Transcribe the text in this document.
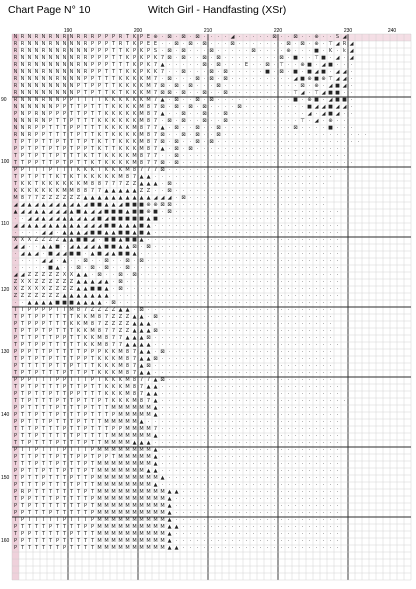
Chart Page N° 10	Witch Girl - Handfasting (XSr)
190	200	210	220	230	240
90
100
110
120
130
140
150
160
N R N R N R N R N R R R P P P R T K P E ⊕ · ⊠ · ⊠ · ⊠ ·	·	·	· ◢ ·	·	·	·	· ⊠ ·	· ⊠ ·	· ⊕ ·	· S ◢
R R N N N R N N N N R P P P T R T K P E E ·	· ⊠ · ⊠ · ⊠ ·	·	· ⊠ ·	·	·	·	·	·	· ⊠ · ⊠ · ⊕ · ⊤ ◢ R ◢
R R N N R N N R N N N P P P T T K P K P S · ⊠ · ⊠ ·	·	· ⊠ ·	·	·	·	· ⊠ ·	·	·	· ⊕ ·	·	· ■ · K · k ◢
R N N N N N N N N R R P P P T T K P K P K 7 ⊠ · ⊠ ·	· ⊠ · ⊠ ·	·	·	·	·	·	·	· ⊠ · ■ ·	· ⊤ ■ · ◢ · ◢
R N R N N N N N N R N P P P T T T K P K 7 ▲ ·	·	·	·	· ⊠ · ⊠ ·	·	· E ·	· ⊠ · ⊤ ·	· ⊕ ■ · ◢ ■ ·	·	·
N N N N R N N N N N R P P T T T K K P K K 7 ·	· ⊠ ·	·	· ⊠ · ⊠ ·	·	·	·	· ■ · ⊠ · ■ · ■ ◢ ■ · ◢ ◢ ·
R N N N N N R N N N P P T T T K K K K M 7 · ⊠ ·	·	· ⊠ · ⊠ · ⊠ ·	·	·	·	·	·	·	·	· ◢ ■ ⊕ ■ ⊕ ⊤ ◢ ◢ ·
R N N N N N N N N P T P P T T K K K K M 7 ⊠ · ⊠ · ⊠ ·	·	· ⊠ ·	·	·	·	·	·	·	·	·	·	· ⊠ · ⊕ · ◢ ■ ◢ ·
R N N N N N N N N P T P T T K T K K K M 7 ⊠ ⊠ · ⊠ ·	· ⊠ ·	· ⊠ ·	·	·	·	·	·	·	·	· ⊤ ◢ · ⊤ ◢ ■ ■ ·	·
R N N N R N N P P T T T T K K K K K K M 7 ▲ · ⊠ ·	· ⊠ · ⊠ ·	·	·	·	·	·	·	·	·	·	· ■ · ⊕ ■ · ◢ ■ ■ ·
N N N N N N P P T T P T T T K K K K M 8 7 ⊠ · ⊠ · ⊠ · ⊠ ·	·	·	· ⊠ ·	·	·	·	·	·	·	·	· ■ ◢ ◢ ■ ◢ ◢ ·
P N P R N P P P T T P T T K K K K K M 8 7 ▲ ·	· ⊠ ·	· ⊠ ·	· ⊠ ·	·	·	·	·	·	·	·	·	·	· ◢ · ◢ ■ ◢ ·	·
N N N R N P T T P T T T K K K K K K M 8 7 · ⊠ · ⊠ ·	· ⊠ ·	· ⊠ ·	·	·	·	·	·	·	·	·	· ⊤ · ◢ · ⊕ ·	·
N N R P P T T T P P T T T K K K K M 8 7 7 ▲ · ⊠ ·	· ⊠ ·	· ⊠ ·	·	·	·	·	·	·	·	·	· ⊠ ·	·	·	· ■ ·	·	·
R N R P P T T T T P T T K T K K K K M 8 7 ⊠ ·	· ⊠ · ⊠ ·	· ⊠ ·	·	·	·	·	·	·	·	·	·	·	·	·	·	·	·	·	·	·	·	·
T P T P T T P T T T P T K T T K K K M 8 7 ⊠ · ⊠ ·	· ⊠ · ⊠ ·	·	·	·	·	·	·	·	·	·	·	·	·	·	·	·	·	·	·	·	·
P P T P T P T P T P P T K T T K K K M 8 7 ▲ · ⊠ · ⊠ ·	·	·	·	·	·	·	·	·	·	·	·	·	·	·	·	·	·	·	·	·	·
T P T P T T P T T T K T T K K K K M 8 7 7 ·	· ⊠ ·	·	·	·	·	·	·	·	·	·	·	·	·	·	·	·	·	·	·	·	·	·	·	·
T T P P T T P T P T T K T K K K K M 8 7 7 ⊠ · ⊠ ·	·	·	·	·	·	·	·	·	·	·	·	·	·	·	·	·	·	·	·	·	·	·	·	·
P P T T T P T T T K K K T K K K M 8 7 7 7 ⊠ ·	·	·	·	·	·	·	·	·	·	·	·	·	·	·	·	·	·	·	·	·	·	·	·	·	·
T P T P T T K T K T K K K K K M 8 7 ▲ ▲ ·	·	·	·	·	·	·	·	·	·	·	·	·	·	·	·	·	·	·	·	·	·	·	·	·	·
T K K T K K K K K K M 8 8 7 7 7 Z Z ▲ ▲ ▲ · ⊠ ·	·	·	·	·	·	·	·	·	·	·	·	·	·	·	·	·	·	·	·	·	·
K K K K K K K M M 8 8 7 7 ▲ ▲ ▲ ▲ ▲ Z Z ·	· ⊠ ·	·	·	·	·	·	·	·	·	·	·	·	·	·	·	·	·	·	·	·	·
M 8 7 7 Z Z Z Z Z Z ▲ ▲ ▲ ▲ ▲ ▲ ▲ ▲ ▲ ▲ ◢ ◢ ◢ · ⊠ ·	·	·	·	·	·	·	·	·	·	·	·	·	·	·	·	·	·	·	·
◢ ◢ ▲ ◢ ▲ ◢ ◢ ▲ ◢ ▲ ◢ ■ ■ ▲ ▲ ◢ ■ ■ ■ ⊕ ⊕ ⊠ ⊠ ·	·	·	·	·	·	·	·	·	·	·	·	·	·	·	·	·	·	·	·	·	·
▲ ◢ ◢ ▲ ▲ ◢ ◢ ◢ ▲ ■ ▲ ◢ ◢ ■ ■ ■ ▲ ■ ■ ⊕ ■ · ⊠ ·	·	·	·	·	·	·	·	·	·	·	·	·	·	·	·	·	·	·	·	·	·	·	·
·	· ◢ ◢ ▲ ◢ ◢ ▲ ▲ ◢ ▲ ◢ ■ ◢ ■ ■ ■ ■ ■ ▲ ■ ·	·	·	·	·	·	·	·	·	·	·	·	·	·	·	·	·	·	·	·	·	·	·	·	·
◢ ◢ ▲ ▲ ◢ ▲ ▲ ▲ ▲ ▲ ◢ ◢ ◢ ■ ■ ▲ ▲ ▲ ■ ▲ ·	·	·	·	·	·	·	·	·	·	·	·	·	·	·	·	·	·	·	·	·	·	·	·	·	·	·
·	·	·	· ◢ ◢ · ▲ ▲ ▲ ◢ ■ ■ ▲ ▲ ■ ■ ▲ ■ ▲ ·	·	·	·	·	·	·	·	·	·	·	·	·	·	·	·	·	·	·	·	·	·	·	·	·	·	·
X X X Z Z Z Z ▲ ▲ ■ ■ ◢ · ■ ■ ▲ ■ ■ ▲ ·	·	·	·	·	·	·	·	·	·	·	·	·	·	·	·	·	·	·	·	·	·	·	·	·	·	·	·
◢ ◢ ·	· ▲ ▲ ■ · ◢ ▲ ◢ ◢ ▲ ■ ■ ▲ ▲ ⊠ · ⊠ ·	·	·	·	·	·	·	·	·	·	·	·	·	·	·	·	·	·	·	·	·	·	·	·	·	·	·
· ◢ ▲ ◢ · ■ ◢ ◢ ■ ■ · ▲ ■ ◢ ▲ ■ ■ ▲ ·	·	·	·	·	·	·	·	·	·	·	·	·	·	·	·	·	·	·	·	·	·	·	·	·	·	·	·	·
·	·	·	· ◢ ◢ · ▲ ·	· ⊠ ·	· ⊠ ·	· ⊠ · ⊠ ·	·	·	·	·	·	·	·	·	·	·	·	·	·	·	·	·	·	·	·	·	·	·	·	·	·	·	·
·	·	·	·	· ■ ▲ ·	· ⊠ · ⊠ · ⊠ ·	· ⊠ ·	·	·	·	·	·	·	·	·	·	·	·	·	·	·	·	·	·	·	·	·	·	·	·	·	·	·	·	·	·
◢ ◢ Z Z Z Z Z X X ▲ ▲ · ⊠ ·	· ⊠ · ⊠ ·	·	·	·	·	·	·	·	·	·	·	·	·	·	·	·	·	·	·	·	·	·	·	·	·	·	·	·	·
Z X X Z Z Z Z Z Z ▲ ▲ ▲ ◢ ▲ · ⊠ ·	·	·	·	·	·	·	·	·	·	·	·	·	·	·	·	·	·	·	·	·	·	·	·	·	·	·	·	·	·	·
X Z X X X Z Z Z Z ▲ ▲ ■ ■ ▲ · ⊠ ·	·	·	·	·	·	·	·	·	·	·	·	·	·	·	·	·	·	·	·	·	·	·	·	·	·	·	·	·	·	·
Z Z Z Z Z Z Z ▲ ▲ ▲ ▲ ▲ ▲ ▲ ·	·	·	·	·	·	·	·	·	·	·	·	·	·	·	·	·	·	·	·	·	·	·	·	·	·	·	·	·	·	·	·	·
·	· ▲ ▲ ▲ ▲ ■ ■ ■ ▲ ▲ ▲ ▲ · ⊠ ·	·	·	·	·	·	·	·	·	·	·	·	·	·	·	·	·	·	·	·	·	·	·	·	·	·	·	·	·	·	·
T T P P P P T T M 8 7 Z Z Z Z ▲ ▲ · ⊠ ·	·	·	·	·	·	·	·	·	·	·	·	·	·	·	·	·	·	·	·	·	·	·	·	·	·	·
T P T P P T T T T K K M 8 7 Z Z Z ▲ ▲ · ⊠ ·	·	·	·	·	·	·	·	·	·	·	·	·	·	·	·	·	·	·	·	·	·	·	·	·
P T P P P T T T K K M 8 7 Z Z Z Z ▲ ▲ ▲ ·	·	·	·	·	·	·	·	·	·	·	·	·	·	·	·	·	·	·	·	·	·	·	·	·	·
T P T P T P T T T K K M 8 7 7 Z Z ▲ ▲ ▲ ⊠ ·	·	·	·	·	·	·	·	·	·	·	·	·	·	·	·	·	·	·	·	·	·	·	·	·
P T T P T T P P T T K K M 8 7 7 ▲ ▲ ▲ ⊠ ·	·	·	·	·	·	·	·	·	·	·	·	·	·	·	·	·	·	·	·	·	·	·	·	·	·
T P T P P T T T T T K K M 8 7 7 ▲ ▲ ▲ ▲ ·	·	·	·	·	·	·	·	·	·	·	·	·	·	·	·	·	·	·	·	·	·	·	·	·	·	·
P P P T T P T T T T P P P K K M 8 7 ▲ ▲ · ⊠ ·	·	·	·	·	·	·	·	·	·	·	·	·	·	·	·	·	·	·	·	·	·	·	·
T P T P T P T T T P P T K K K M 8 7 ▲ ▲ ⊠ ·	·	·	·	·	·	·	·	·	·	·	·	·	·	·	·	·	·	·	·	·	·	·	·	·
P T T T T P T T P T T T K K K M 8 7 ▲ ⊠ ·	·	·	·	·	·	·	·	·	·	·	·	·	·	·	·	·	·	·	·	·	·	·	·	·	·
T P T P T T T P T T P T K K K M 8 7 ▲ ▲ ·	·	·	·	·	·	·	·	·	·	·	·	·	·	·	·	·	·	·	·	·	·	·	·	·	·
P P P T T T P P T T T P T K K K M 8 7 7 ▲ ⊠ ·	·	·	·	·	·	·	·	·	·	·	·	·	·	·	·	·	·	·	·	·	·	·	·
T P T P T T T P T T P T T K K K M 8 7 ▲ ▲ ·	·	·	·	·	·	·	·	·	·	·	·	·	·	·	·	·	·	·	·	·	·	·	·	·	·
P T P T T P T T P P T T T K K K M 8 7 ▲ ▲ ·	·	·	·	·	·	·	·	·	·	·	·	·	·	·	·	·	·	·	·	·	·	·	·	·	·
T T P T T T P T T P T T P T K K K M 8 7 ▲ ·	·	·	·	·	·	·	·	·	·	·	·	·	·	·	·	·	·	·	·	·	·	·	·	·	·	·
P P T T T T P T T T P T T T M M M M M M ▲ ·	·	·	·	·	·	·	·	·	·	·	·	·	·	·	·	·	·	·	·	·	·	·	·	·	·
P T T P T T P T T T P T T T P M M M M M ▲ ·	·	·	·	·	·	·	·	·	·	·	·	·	·	·	·	·	·	·	·	·	·	·	·	·	·
P P T T T P T T T P T T T M M M M M ▲ ·	·	·	·	·	·	·	·	·	·	·	·	·	·	·	·	·	·	·	·	·	·	·	·	·	·	·	·
T T T P T T T P T T P T T T P P M M M M 7 ·	·	·	·	·	·	·	·	·	·	·	·	·	·	·	·	·	·	·	·	·	·	·	·	·	·
P T T P T T T T T P T T T T M M M M M M ▲ ·	·	·	·	·	·	·	·	·	·	·	·	·	·	·	·	·	·	·	·	·	·	·	·	·	·
T T P T T T P T T T P T T M M M M ▲ ▲ ▲ ·	·	·	·	·	·	·	·	·	·	·	·	·	·	·	·	·	·	·	·	·	·	·	·	·	·	·
P T T P T T T P T T T P M M M M M M M M ▲ ·	·	·	·	·	·	·	·	·	·	·	·	·	·	·	·	·	·	·	·	·	·	·	·	·	·
P T T P T T P T T P P T P P T M M M M M ▲ ·	·	·	·	·	·	·	·	·	·	·	·	·	·	·	·	·	·	·	·	·	·	·	·	·	·
T T T P T T P T T T P T M M M M M M M M ▲ ·	·	·	·	·	·	·	·	·	·	·	·	·	·	·	·	·	·	·	·	·	·	·	·	·	·
P P T T P T T P T T P T M M M M M M M ▲ ▲ ·	·	·	·	·	·	·	·	·	·	·	·	·	·	·	·	·	·	·	·	·	·	·	·	·	·
T P T T P T T T P T T P M M M M M M M M M ▲ ·	·	·	·	·	·	·	·	·	·	·	·	·	·	·	·	·	·	·	·	·	·	·	·	·
P T T T P T T T T P T T M M M M M M M M ▲ ·	·	·	·	·	·	·	·	·	·	·	·	·	·	·	·	·	·	·	·	·	·	·	·	·	·
P R P T T T T T T T P T M M M M M M M M M M ▲ ▲ ·	·	·	·	·	·	·	·	·	·	·	·	·	·	·	·	·	·	·	·	·	·	·
T P P T T T P T T T T P M M M M M M M M M M ▲ ·	·	·	·	·	·	·	·	·	·	·	·	·	·	·	·	·	·	·	·	·	·	·	·
P T P T T T T T T T P T M M M M M M M M M M ▲ ·	·	·	·	·	·	·	·	·	·	·	·	·	·	·	·	·	·	·	·	·	·	·	·
P P T T T P T T T T T P M M M M M M M M M M ▲ ·	·	·	·	·	·	·	·	·	·	·	·	·	·	·	·	·	·	·	·	·	·	·	·
T P T T T T T P T T T P M M M M M M M M M M ▲ ·	·	·	·	·	·	·	·	·	·	·	·	·	·	·	·	·	·	·	·	·	·	·	·
P T T T T P T T T T P P M M M M M M M M M M ▲ ▲ ·	·	·	·	·	·	·	·	·	·	·	·	·	·	·	·	·	·	·	·	·	·	·
T P P T T T T T P T T T M M M M M M M M M M ▲ ·	·	·	·	·	·	·	·	·	·	·	·	·	·	·	·	·	·	·	·	·	·	·	·
P P T T T T P T T T T T M M M M M M M M M M ▲ ·	·	·	·	·	·	·	·	·	·	·	·	·	·	·	·	·	·	·	·	·	·	·	·
P T T T T T T P T T T T M M M M M M M M M M ▲ ▲ ·	·	·	·	·	·	·	·	·	·	·	·	·	·	·	·	·	·	·	·	·	·	·
